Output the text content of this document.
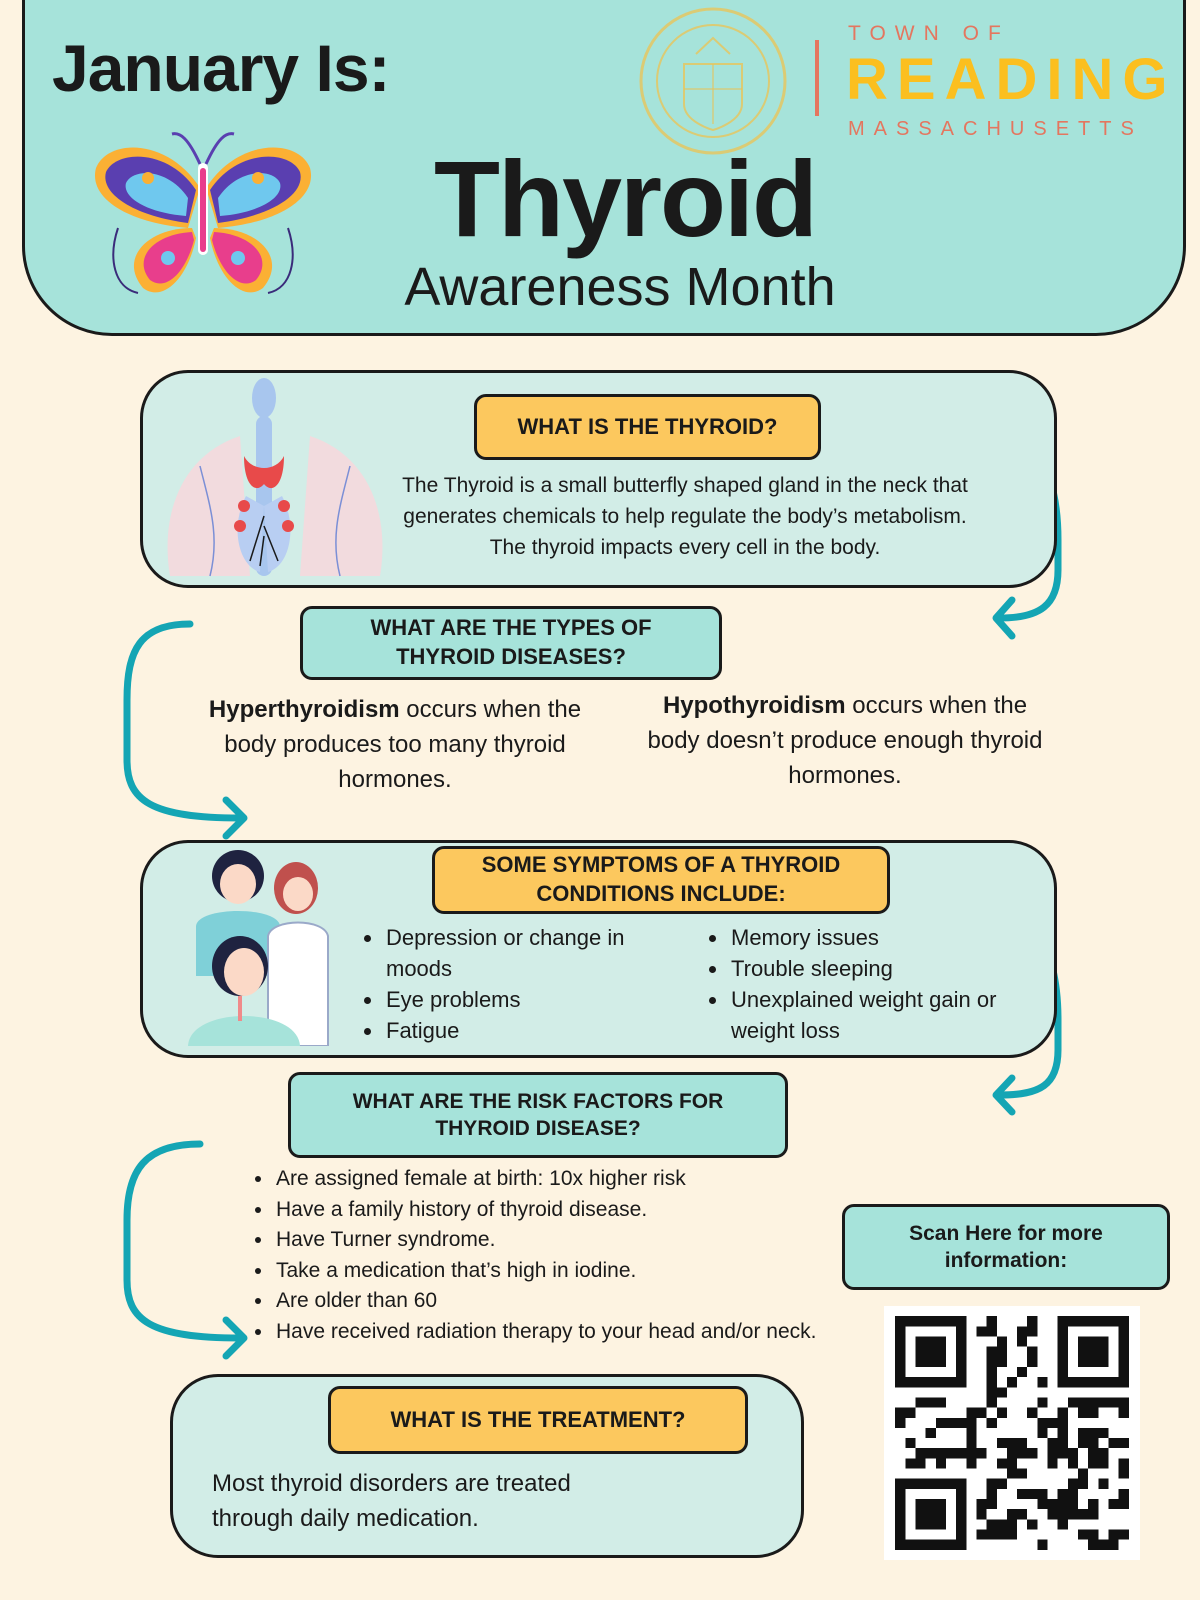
January Is:
Thyroid
Awareness Month
TOWN OF
READING
MASSACHUSETTS
WHAT IS THE THYROID?
The Thyroid is a small butterfly shaped gland in the neck that generates chemicals to help regulate the body’s metabolism. The thyroid impacts every cell in the body.
WHAT ARE THE TYPES OF
THYROID DISEASES?
Hyperthyroidism occurs when the body produces too many thyroid hormones.
Hypothyroidism occurs when the body doesn’t produce enough thyroid hormones.
SOME SYMPTOMS OF A THYROID
CONDITIONS INCLUDE:
• Depression or change in moods
• Eye problems
• Fatigue
• Memory issues
• Trouble sleeping
• Unexplained weight gain or weight loss
WHAT ARE THE RISK FACTORS FOR
THYROID DISEASE?
• Are assigned female at birth: 10x higher risk
• Have a family history of thyroid disease.
• Have Turner syndrome.
• Take a medication that’s high in iodine.
• Are older than 60
• Have received radiation therapy to your head and/or neck.
Scan Here for more information:
WHAT IS THE TREATMENT?
Most thyroid disorders are treated through daily medication.
